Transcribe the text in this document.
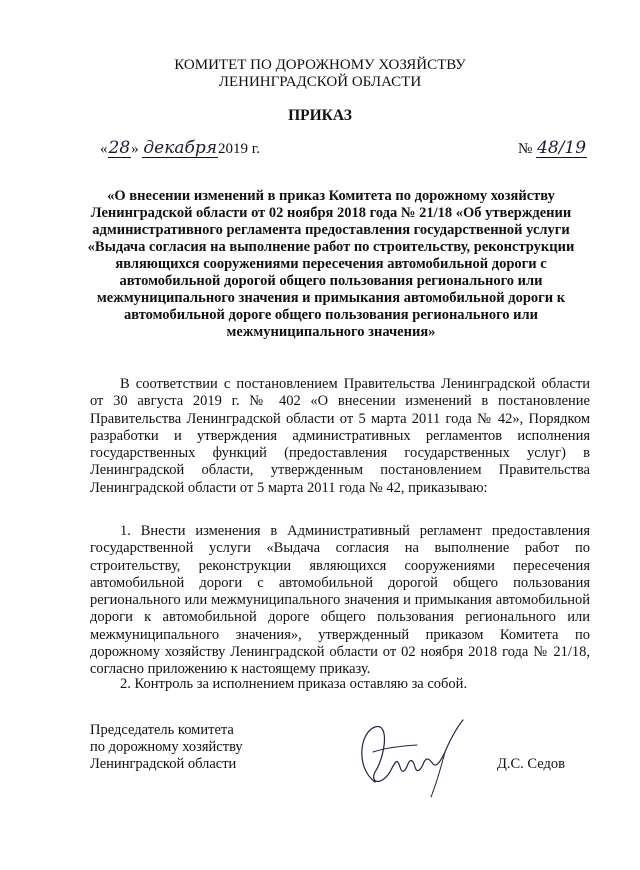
КОМИТЕТ ПО ДОРОЖНОМУ ХОЗЯЙСТВУ
ЛЕНИНГРАДСКОЙ ОБЛАСТИ
ПРИКАЗ
«28» декабря2019 г.	№ 48/19
«О внесении изменений в приказ Комитета по дорожному хозяйству Ленинградской области от 02 ноября 2018 года № 21/18 «Об утверждении административного регламента предоставления государственной услуги «Выдача согласия на выполнение работ по строительству, реконструкции являющихся сооружениями пересечения автомобильной дороги с автомобильной дорогой общего пользования регионального или межмуниципального значения и примыкания автомобильной дороги к автомобильной дороге общего пользования регионального или межмуниципального значения»

В соответствии с постановлением Правительства Ленинградской области от 30 августа 2019 г. № 402 «О внесении изменений в постановление Правительства Ленинградской области от 5 марта 2011 года № 42», Порядком разработки и утверждения административных регламентов исполнения государственных функций (предоставления государственных услуг) в Ленинградской области, утвержденным постановлением Правительства Ленинградской области от 5 марта 2011 года № 42, приказываю:

1. Внести изменения в Административный регламент предоставления государственной услуги «Выдача согласия на выполнение работ по строительству, реконструкции являющихся сооружениями пересечения автомобильной дороги с автомобильной дорогой общего пользования регионального или межмуниципального значения и примыкания автомобильной дороги к автомобильной дороге общего пользования регионального или межмуниципального значения», утвержденный приказом Комитета по дорожному хозяйству Ленинградской области от 02 ноября 2018 года № 21/18, согласно приложению к настоящему приказу.

2. Контроль за исполнением приказа оставляю за собой.

Председатель комитета
по дорожному хозяйству
Ленинградской области	Д.С. Седов
